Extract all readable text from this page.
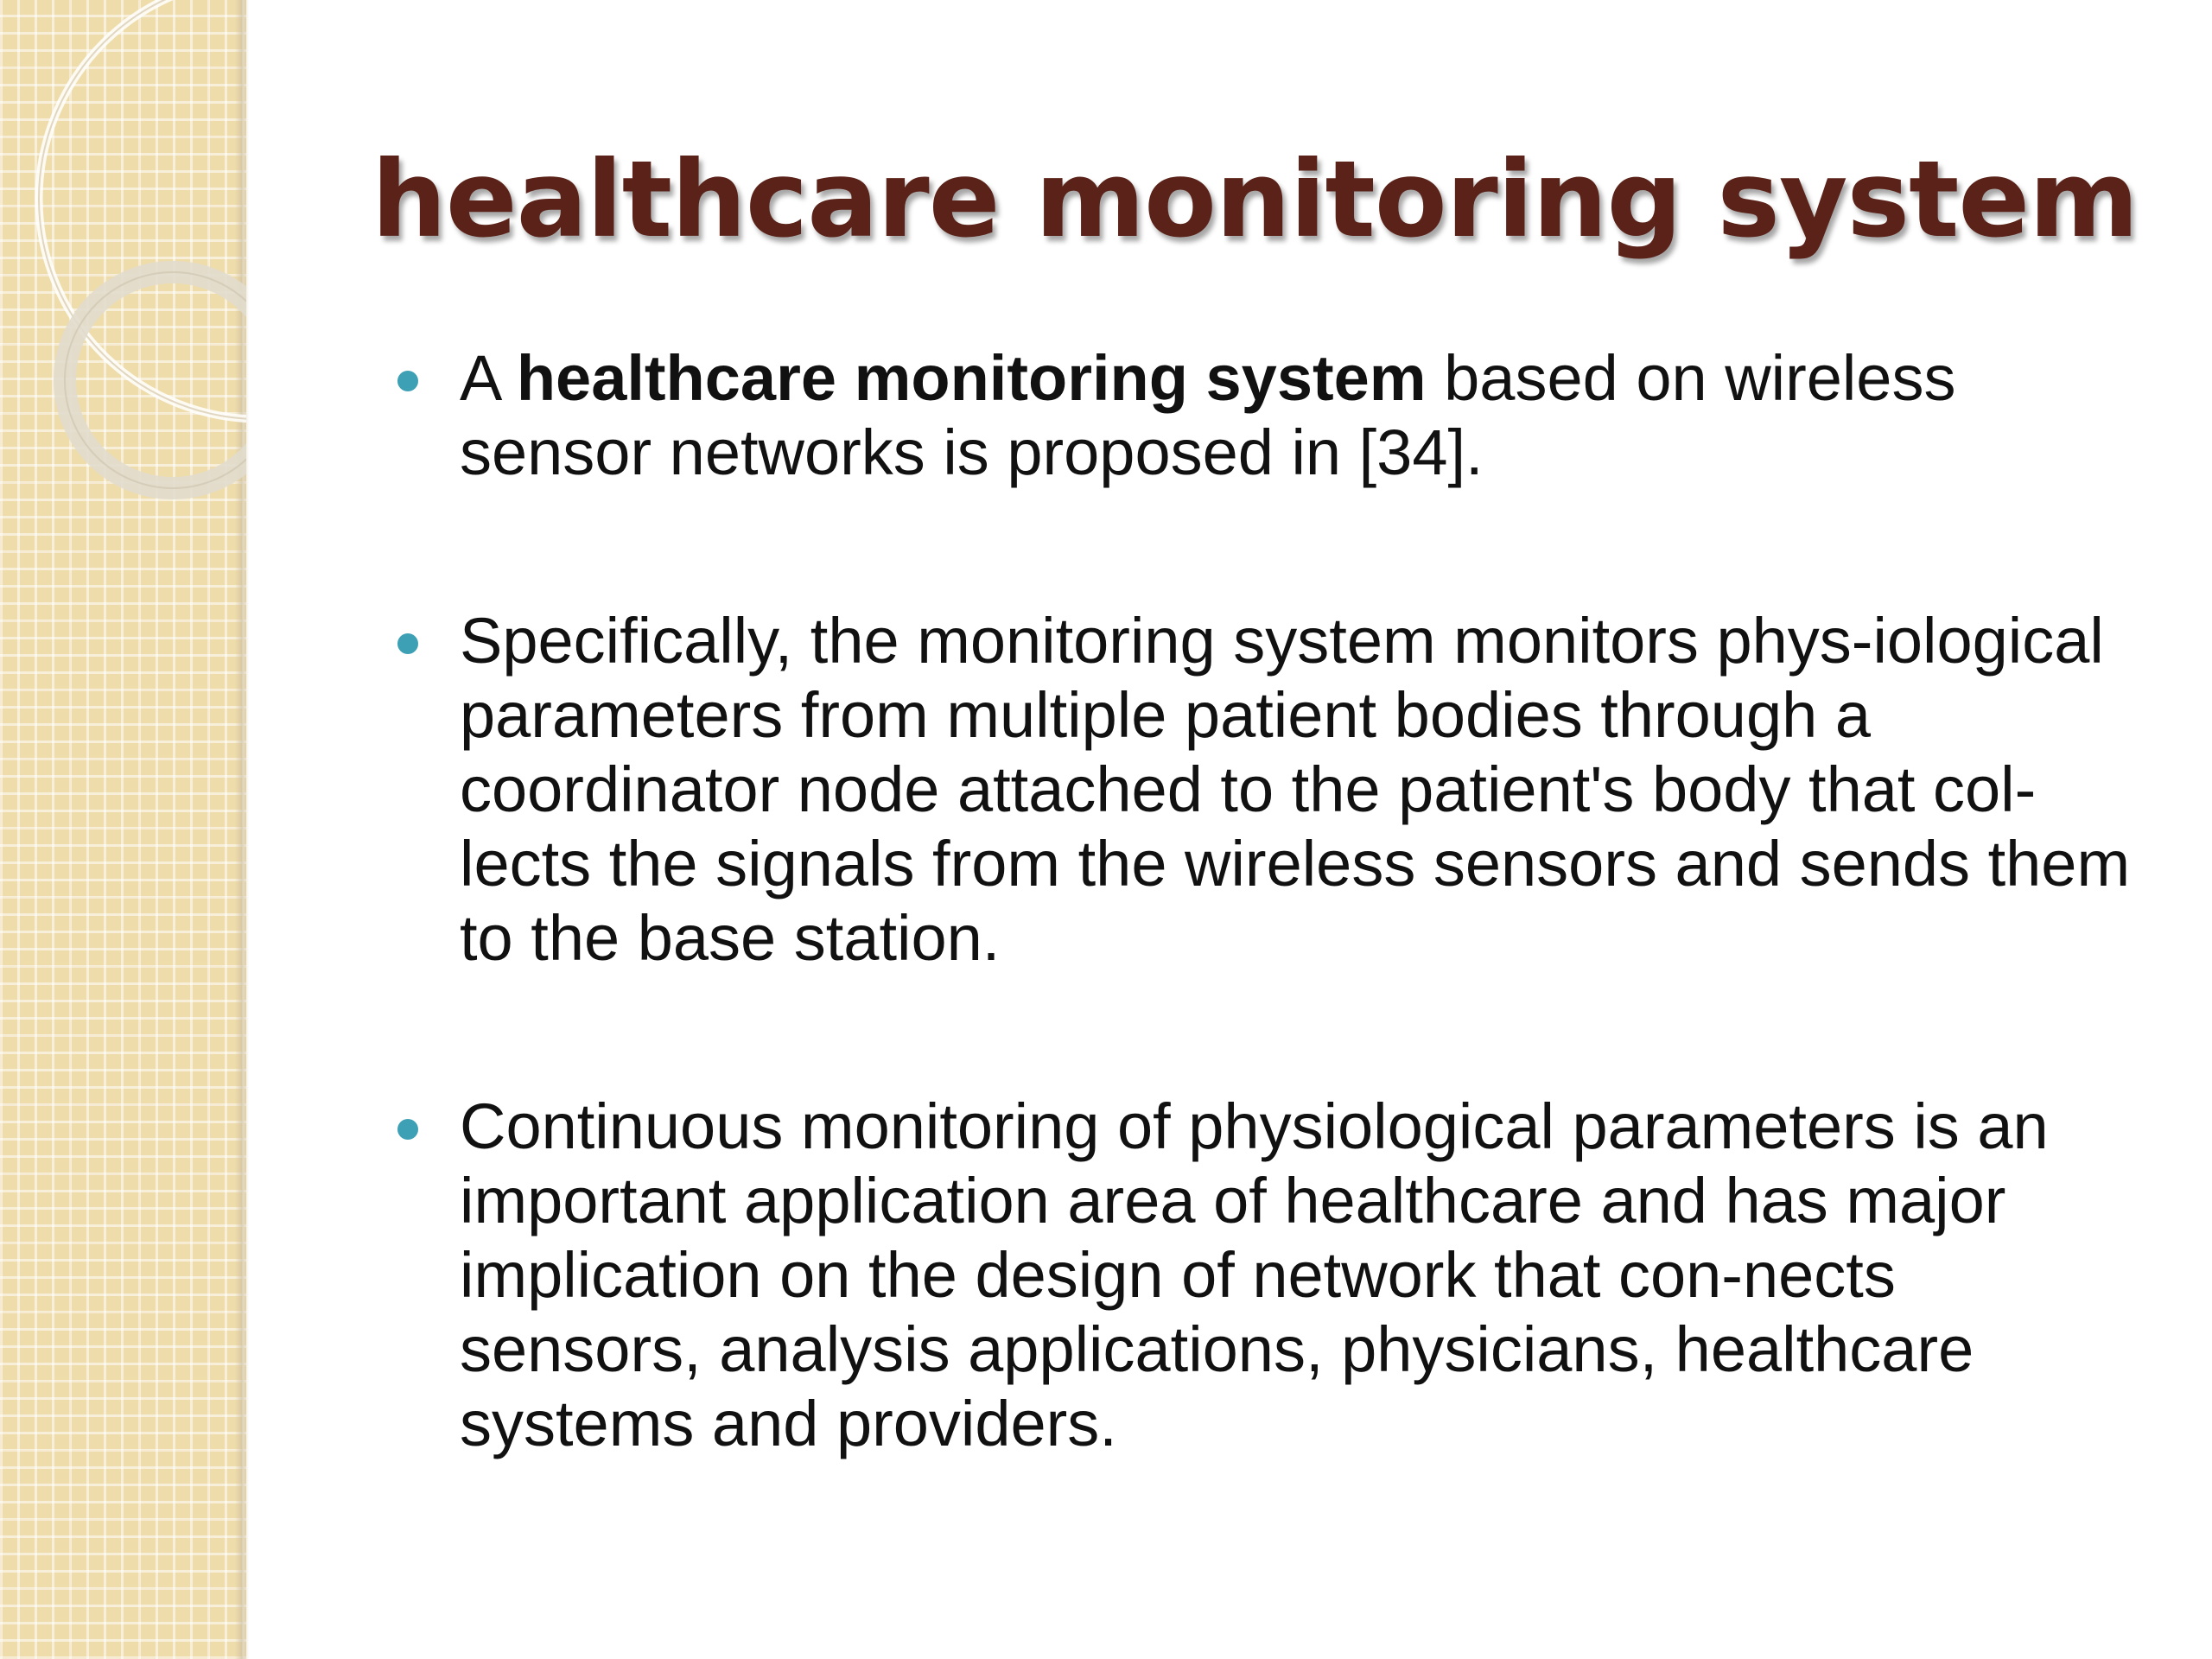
healthcare monitoring system
A healthcare monitoring system based on wireless sensor networks is proposed in [34].
Specifically, the monitoring system monitors phys-iological parameters from multiple patient bodies through a coordinator node attached to the patient's body that col-lects the signals from the wireless sensors and sends them to the base station.
Continuous monitoring of physiological parameters is an important application area of healthcare and has major implication on the design of network that con-nects sensors, analysis applications, physicians, healthcare systems and providers.
